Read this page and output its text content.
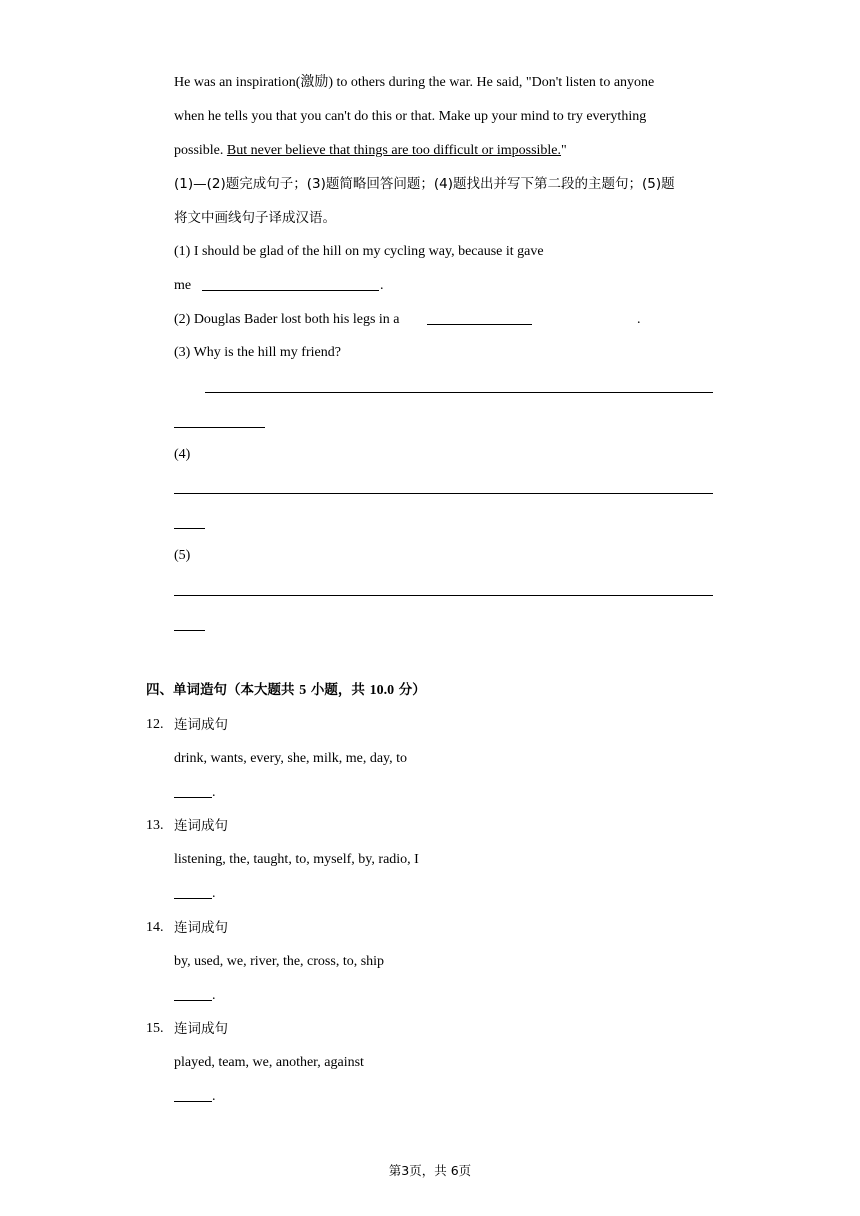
He was an inspiration(激励) to others during the war. He said, "Don't listen to anyone
when he tells you that you can't do this or that. Make up your mind to try everything
possible. But never believe that things are too difficult or impossible."
(1)—(2)题完成句子；(3)题简略回答问题；(4)题找出并写下第二段的主题句；(5)题
将文中画线句子译成汉语。
(1) I should be glad of the hill on my cycling way, because it gave
me	.
(2) Douglas Bader lost both his legs in a	.
(3) Why is the hill my friend?
(4)
(5)
四、单词造句（本大题共 5 小题，共 10.0 分）
12. 连词成句
drink, wants, every, she, milk, me, day, to
.
13. 连词成句
listening, the, taught, to, myself, by, radio, I
.
14. 连词成句
by, used, we, river, the, cross, to, ship
.
15. 连词成句
played, team, we, another, against
.
第3页，共 6页
